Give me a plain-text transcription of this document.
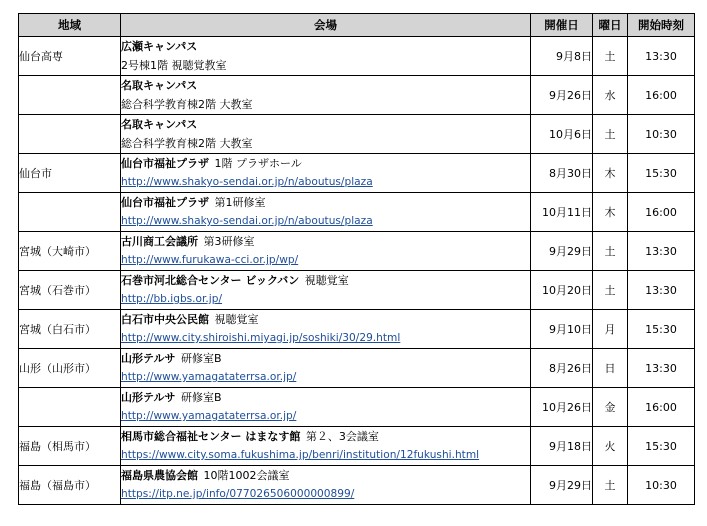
地域	会場	開催日	曜日	開始時刻
仙台高専	広瀬キャンパス
2号棟1階 視聴覚教室	9月8日	土	13:30

	名取キャンパス
総合科学教育棟2階 大教室	9月26日	水	16:00

	名取キャンパス
総合科学教育棟2階 大教室	10月6日	土	10:30
仙台市	仙台市福祉プラザ  1階 プラザホール
http://www.shakyo-sendai.or.jp/n/aboutus/plaza	8月30日	木	15:30

	仙台市福祉プラザ  第1研修室
http://www.shakyo-sendai.or.jp/n/aboutus/plaza	10月11日	木	16:00
宮城（大崎市）	古川商工会議所  第3研修室
http://www.furukawa-cci.or.jp/wp/	9月29日	土	13:30
宮城（石巻市）	石巻市河北総合センター ビックバン  視聴覚室
http://bb.igbs.or.jp/	10月20日	土	13:30
宮城（白石市）	白石市中央公民館  視聴覚室
http://www.city.shiroishi.miyagi.jp/soshiki/30/29.html	9月10日	月	15:30
山形（山形市）	山形テルサ  研修室B
http://www.yamagataterrsa.or.jp/	8月26日	日	13:30

	山形テルサ  研修室B
http://www.yamagataterrsa.or.jp/	10月26日	金	16:00
福島（相馬市）	相馬市総合福祉センター はまなす館  第２、3会議室
https://www.city.soma.fukushima.jp/benri/institution/12fukushi.html	9月18日	火	15:30
福島（福島市）	福島県農協会館  10階1002会議室
https://itp.ne.jp/info/077026506000000899/	9月29日	土	10:30
